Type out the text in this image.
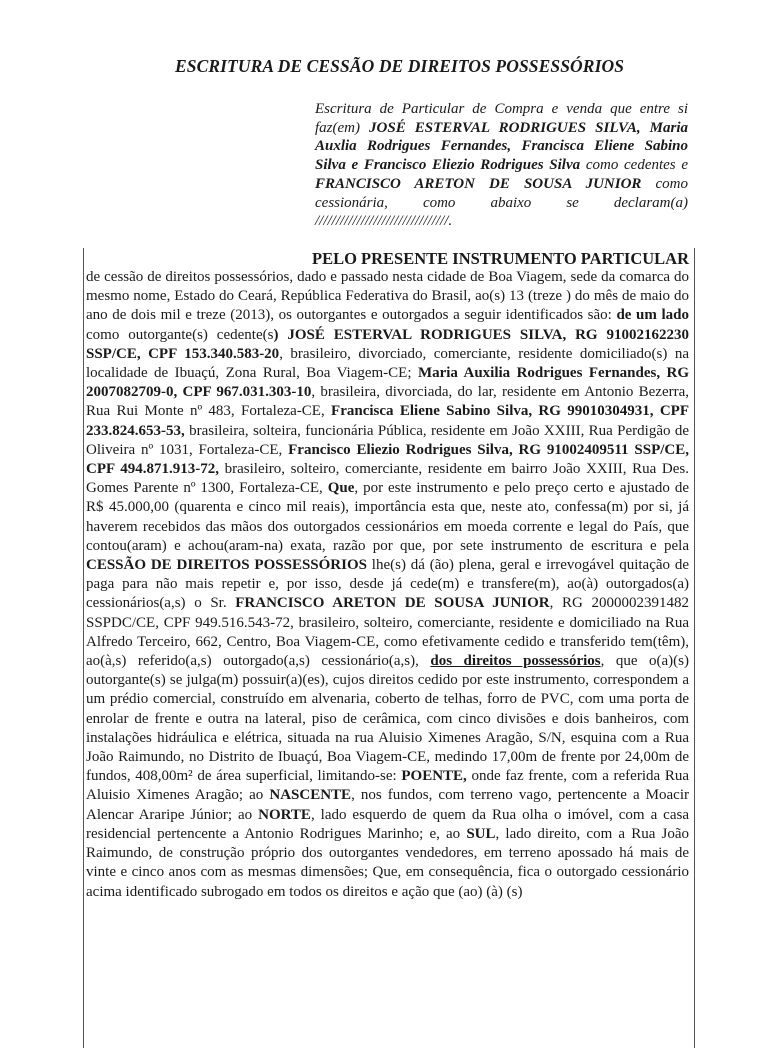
ESCRITURA DE CESSÃO DE DIREITOS POSSESSÓRIOS
Escritura de Particular de Compra e venda que entre si faz(em) JOSÉ ESTERVAL RODRIGUES SILVA, Maria Auxlia Rodrigues Fernandes, Francisca Eliene Sabino Silva e Francisco Eliezio Rodrigues Silva como cedentes e FRANCISCO ARETON DE SOUSA JUNIOR como cessionária, como abaixo se declaram(a) ////////////////////////////////.
PELO PRESENTE INSTRUMENTO PARTICULAR
de cessão de direitos possessórios, dado e passado nesta cidade de Boa Viagem, sede da comarca do mesmo nome, Estado do Ceará, República Federativa do Brasil, ao(s) 13 (treze ) do mês de maio do ano de dois mil e treze (2013), os outorgantes e outorgados a seguir identificados são: de um lado como outorgante(s) cedente(s) JOSÉ ESTERVAL RODRIGUES SILVA, RG 91002162230 SSP/CE, CPF 153.340.583-20, brasileiro, divorciado, comerciante, residente domiciliado(s) na localidade de Ibuaçú, Zona Rural, Boa Viagem-CE; Maria Auxilia Rodrigues Fernandes, RG 2007082709-0, CPF 967.031.303-10, brasileira, divorciada, do lar, residente em Antonio Bezerra, Rua Rui Monte nº 483, Fortaleza-CE, Francisca Eliene Sabino Silva, RG 99010304931, CPF 233.824.653-53, brasileira, solteira, funcionária Pública, residente em João XXIII, Rua Perdigão de Oliveira nº 1031, Fortaleza-CE, Francisco Eliezio Rodrigues Silva, RG 91002409511 SSP/CE, CPF 494.871.913-72, brasileiro, solteiro, comerciante, residente em bairro João XXIII, Rua Des. Gomes Parente nº 1300, Fortaleza-CE, Que, por este instrumento e pelo preço certo e ajustado de R$ 45.000,00 (quarenta e cinco mil reais), importância esta que, neste ato, confessa(m) por si, já haverem recebidos das mãos dos outorgados cessionários em moeda corrente e legal do País, que contou(aram) e achou(aram-na) exata, razão por que, por sete instrumento de escritura e pela CESSÃO DE DIREITOS POSSESSÓRIOS lhe(s) dá (ão) plena, geral e irrevogável quitação de paga para não mais repetir e, por isso, desde já cede(m) e transfere(m), ao(à) outorgados(a) cessionários(a,s) o Sr. FRANCISCO ARETON DE SOUSA JUNIOR, RG 2000002391482 SSPDC/CE, CPF 949.516.543-72, brasileiro, solteiro, comerciante, residente e domiciliado na Rua Alfredo Terceiro, 662, Centro, Boa Viagem-CE, como efetivamente cedido e transferido tem(têm), ao(à,s) referido(a,s) outorgado(a,s) cessionário(a,s), dos direitos possessórios, que o(a)(s) outorgante(s) se julga(m) possuir(a)(es), cujos direitos cedido por este instrumento, correspondem a um prédio comercial, construído em alvenaria, coberto de telhas, forro de PVC, com uma porta de enrolar de frente e outra na lateral, piso de cerâmica, com cinco divisões e dois banheiros, com instalações hidráulica e elétrica, situada na rua Aluisio Ximenes Aragão, S/N, esquina com a Rua João Raimundo, no Distrito de Ibuaçú, Boa Viagem-CE, medindo 17,00m de frente por 24,00m de fundos, 408,00m² de área superficial, limitando-se: POENTE, onde faz frente, com a referida Rua Aluisio Ximenes Aragão; ao NASCENTE, nos fundos, com terreno vago, pertencente a Moacir Alencar Araripe Júnior; ao NORTE, lado esquerdo de quem da Rua olha o imóvel, com a casa residencial pertencente a Antonio Rodrigues Marinho; e, ao SUL, lado direito, com a Rua João Raimundo, de construção próprio dos outorgantes vendedores, em terreno apossado há mais de vinte e cinco anos com as mesmas dimensões; Que, em consequência, fica o outorgado cessionário acima identificado subrogado em todos os direitos e ação que (ao) (à) (s)
